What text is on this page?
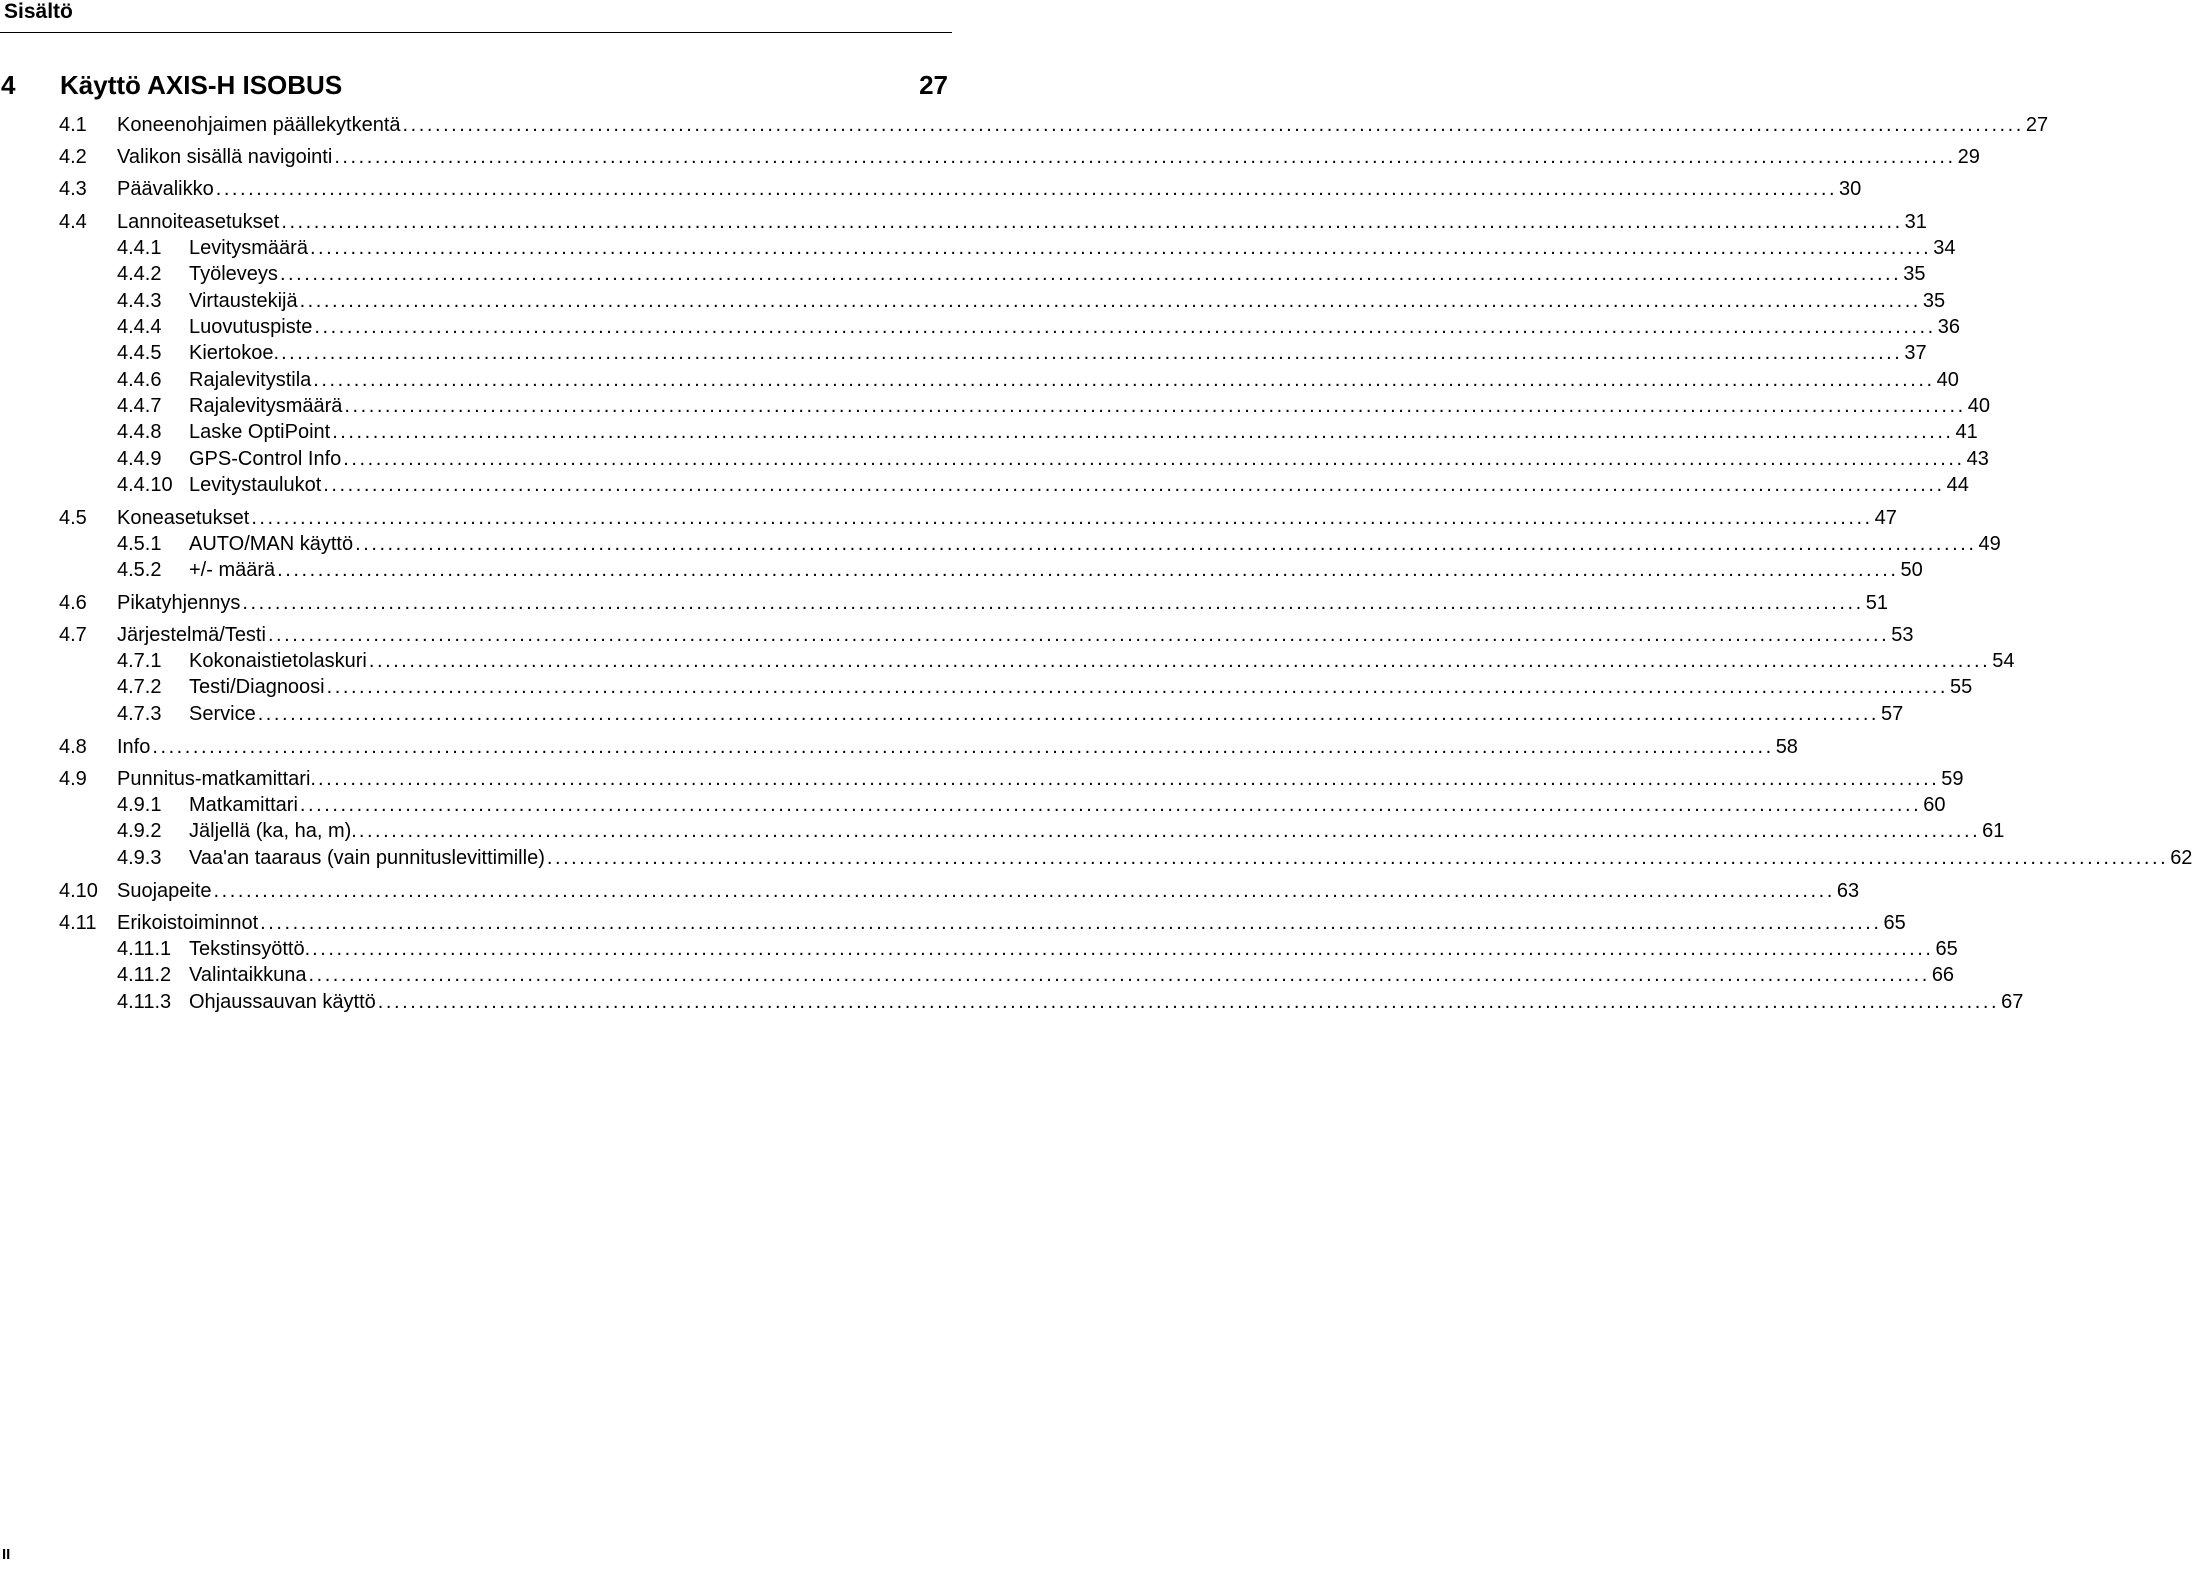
Sisältö
4 Käyttö AXIS-H ISOBUS	27
4.1 Koneenohjaimen päällekytkentä ........................................................................................................................................................................................................ 27
4.2 Valikon sisällä navigointi ........................................................................................................................................................................................................ 29
4.3 Päävalikko ........................................................................................................................................................................................................ 30
4.4 Lannoiteasetukset ........................................................................................................................................................................................................ 31
4.4.1 Levitysmäärä ........................................................................................................................................................................................................ 34
4.4.2 Työleveys ........................................................................................................................................................................................................ 35
4.4.3 Virtaustekijä ........................................................................................................................................................................................................ 35
4.4.4 Luovutuspiste ........................................................................................................................................................................................................ 36
4.4.5 Kiertokoe. ........................................................................................................................................................................................................ 37
4.4.6 Rajalevitystila ........................................................................................................................................................................................................ 40
4.4.7 Rajalevitysmäärä ........................................................................................................................................................................................................ 40
4.4.8 Laske OptiPoint ........................................................................................................................................................................................................ 41
4.4.9 GPS-Control Info ........................................................................................................................................................................................................ 43
4.4.10 Levitystaulukot ........................................................................................................................................................................................................ 44
4.5 Koneasetukset ........................................................................................................................................................................................................ 47
4.5.1 AUTO/MAN käyttö ........................................................................................................................................................................................................ 49
4.5.2 +/- määrä ........................................................................................................................................................................................................ 50
4.6 Pikatyhjennys ........................................................................................................................................................................................................ 51
4.7 Järjestelmä/Testi ........................................................................................................................................................................................................ 53
4.7.1 Kokonaistietolaskuri ........................................................................................................................................................................................................ 54
4.7.2 Testi/Diagnoosi ........................................................................................................................................................................................................ 55
4.7.3 Service ........................................................................................................................................................................................................ 57
4.8 Info ........................................................................................................................................................................................................ 58
4.9 Punnitus-matkamittari. ........................................................................................................................................................................................................ 59
4.9.1 Matkamittari ........................................................................................................................................................................................................ 60
4.9.2 Jäljellä (ka, ha, m). ........................................................................................................................................................................................................ 61
4.9.3 Vaa'an taaraus (vain punnituslevittimille) ........................................................................................................................................................................................................ 62
4.10 Suojapeite ........................................................................................................................................................................................................ 63
4.11 Erikoistoiminnot ........................................................................................................................................................................................................ 65
4.11.1 Tekstinsyöttö. ........................................................................................................................................................................................................ 65
4.11.2 Valintaikkuna ........................................................................................................................................................................................................ 66
4.11.3 Ohjaussauvan käyttö ........................................................................................................................................................................................................ 67
II
